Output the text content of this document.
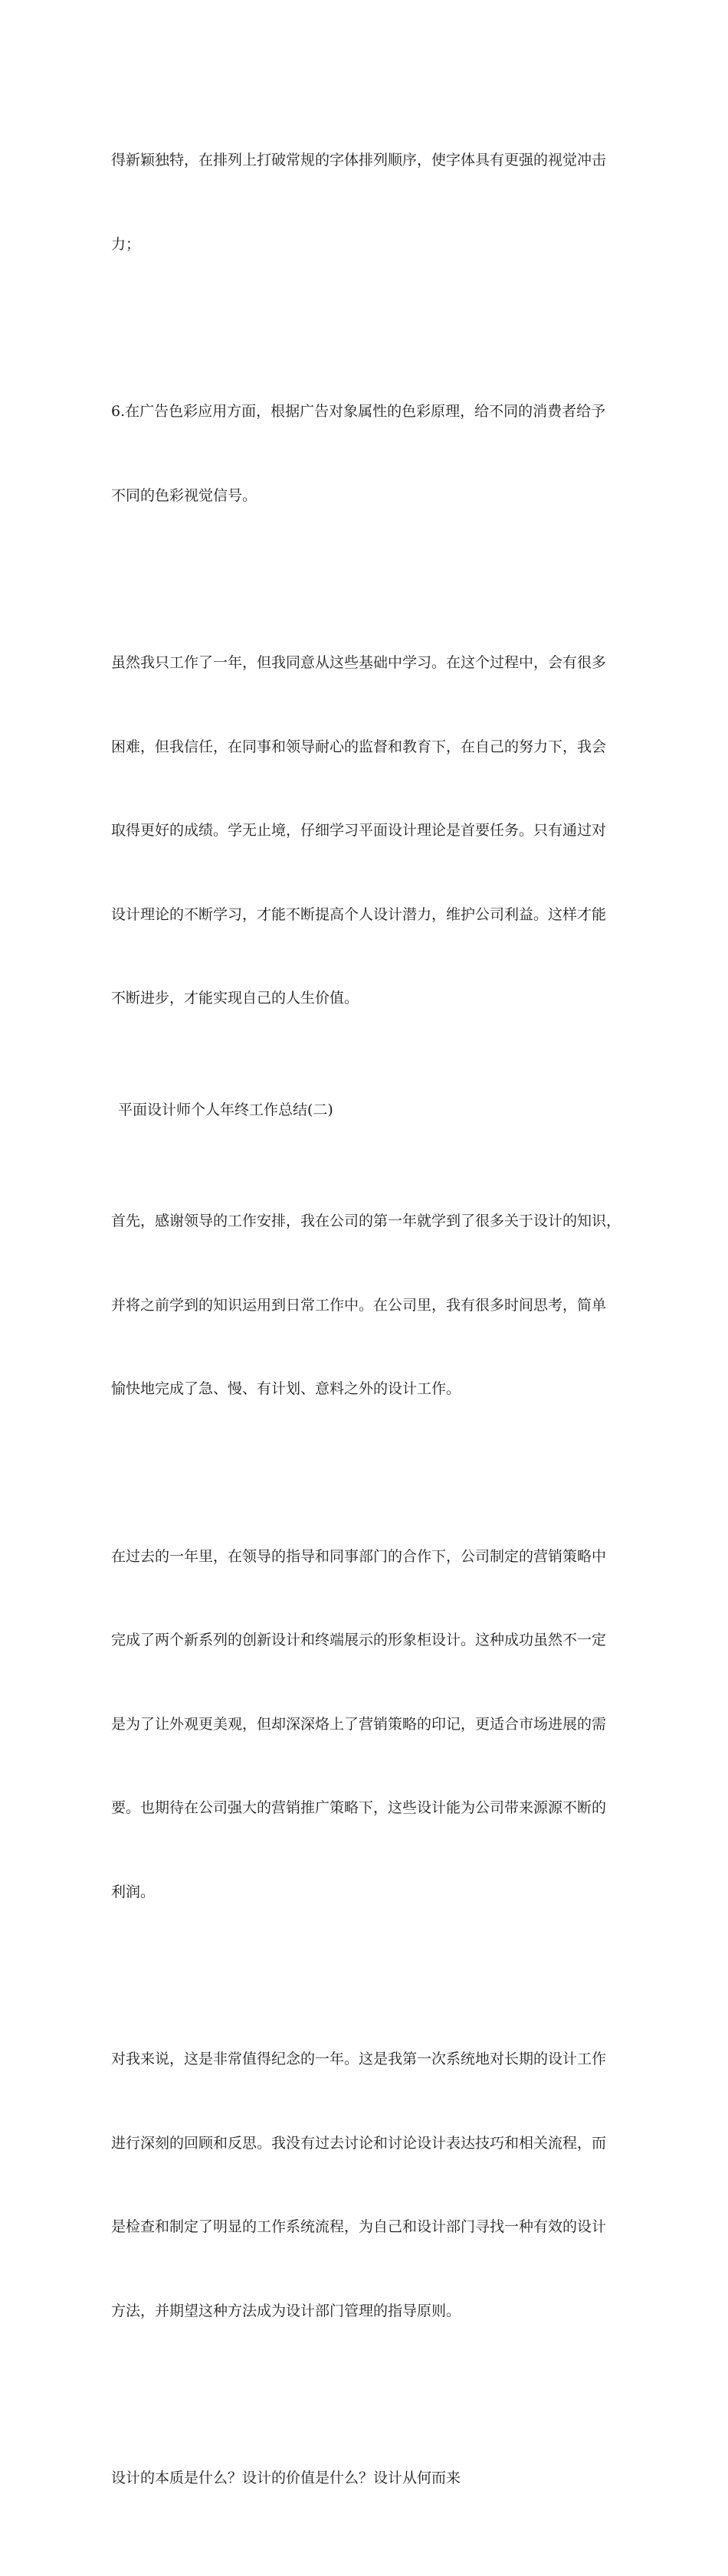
得新颖独特，在排列上打破常规的字体排列顺序，使字体具有更强的视觉冲击

力；

6.在广告色彩应用方面，根据广告对象属性的色彩原理，给不同的消费者给予

不同的色彩视觉信号。

虽然我只工作了一年，但我同意从这些基础中学习。在这个过程中，会有很多

困难，但我信任，在同事和领导耐心的监督和教育下，在自己的努力下，我会

取得更好的成绩。学无止境，仔细学习平面设计理论是首要任务。只有通过对

设计理论的不断学习，才能不断提高个人设计潜力，维护公司利益。这样才能

不断进步，才能实现自己的人生价值。

平面设计师个人年终工作总结(二)

首先，感谢领导的工作安排，我在公司的第一年就学到了很多关于设计的知识，

并将之前学到的知识运用到日常工作中。在公司里，我有很多时间思考，简单

愉快地完成了急、慢、有计划、意料之外的设计工作。

在过去的一年里，在领导的指导和同事部门的合作下，公司制定的营销策略中

完成了两个新系列的创新设计和终端展示的形象柜设计。这种成功虽然不一定

是为了让外观更美观，但却深深烙上了营销策略的印记，更适合市场进展的需

要。也期待在公司强大的营销推广策略下，这些设计能为公司带来源源不断的

利润。

对我来说，这是非常值得纪念的一年。这是我第一次系统地对长期的设计工作

进行深刻的回顾和反思。我没有过去讨论和讨论设计表达技巧和相关流程，而

是检查和制定了明显的工作系统流程，为自己和设计部门寻找一种有效的设计

方法，并期望这种方法成为设计部门管理的指导原则。

设计的本质是什么？设计的价值是什么？设计从何而来
